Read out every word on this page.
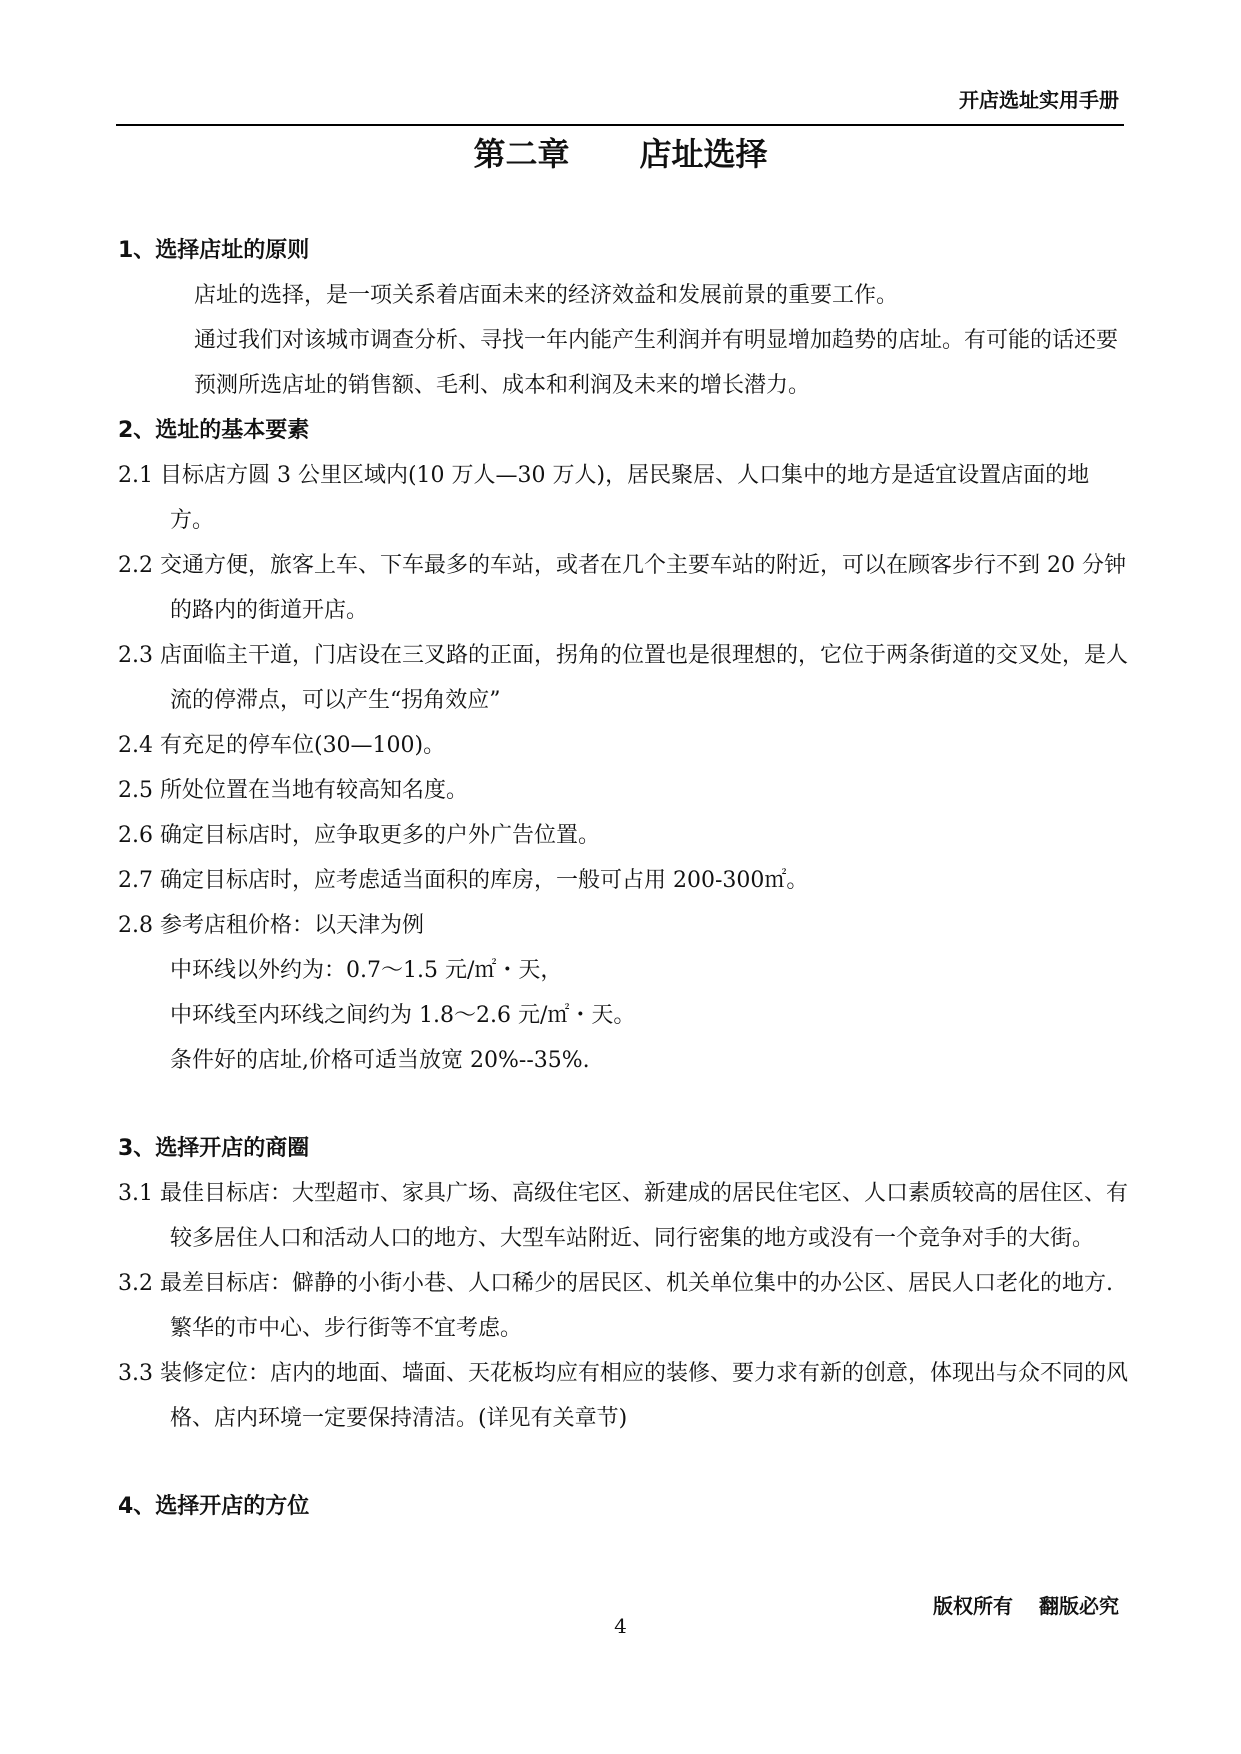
开店选址实用手册
第二章 店址选择

1、选择店址的原则

店址的选择，是一项关系着店面未来的经济效益和发展前景的重要工作。

通过我们对该城市调查分析、寻找一年内能产生利润并有明显增加趋势的店址。有可能的话还要预测所选店址的销售额、毛利、成本和利润及未来的增长潜力。

2、选址的基本要素

2.1 目标店方圆 3 公里区域内(10 万人—30 万人)，居民聚居、人口集中的地方是适宜设置店面的地方。

2.2 交通方便，旅客上车、下车最多的车站，或者在几个主要车站的附近，可以在顾客步行不到 20 分钟的路内的街道开店。

2.3 店面临主干道，门店设在三叉路的正面，拐角的位置也是很理想的，它位于两条街道的交叉处，是人流的停滞点，可以产生“拐角效应”

2.4 有充足的停车位(30—100)。

2.5 所处位置在当地有较高知名度。

2.6 确定目标店时，应争取更多的户外广告位置。

2.7 确定目标店时，应考虑适当面积的库房，一般可占用 200-300㎡。

2.8 参考店租价格：以天津为例

中环线以外约为：0.7～1.5 元/㎡・天，

中环线至内环线之间约为 1.8～2.6 元/㎡・天。

条件好的店址,价格可适当放宽 20%--35%.

3、选择开店的商圈

3.1 最佳目标店：大型超市、家具广场、高级住宅区、新建成的居民住宅区、人口素质较高的居住区、有较多居住人口和活动人口的地方、大型车站附近、同行密集的地方或没有一个竞争对手的大街。

3.2 最差目标店：僻静的小街小巷、人口稀少的居民区、机关单位集中的办公区、居民人口老化的地方.繁华的市中心、步行街等不宜考虑。

3.3 装修定位：店内的地面、墙面、天花板均应有相应的装修、要力求有新的创意，体现出与众不同的风格、店内环境一定要保持清洁。(详见有关章节)

4、选择开店的方位

版权所有 翻版必究
4
